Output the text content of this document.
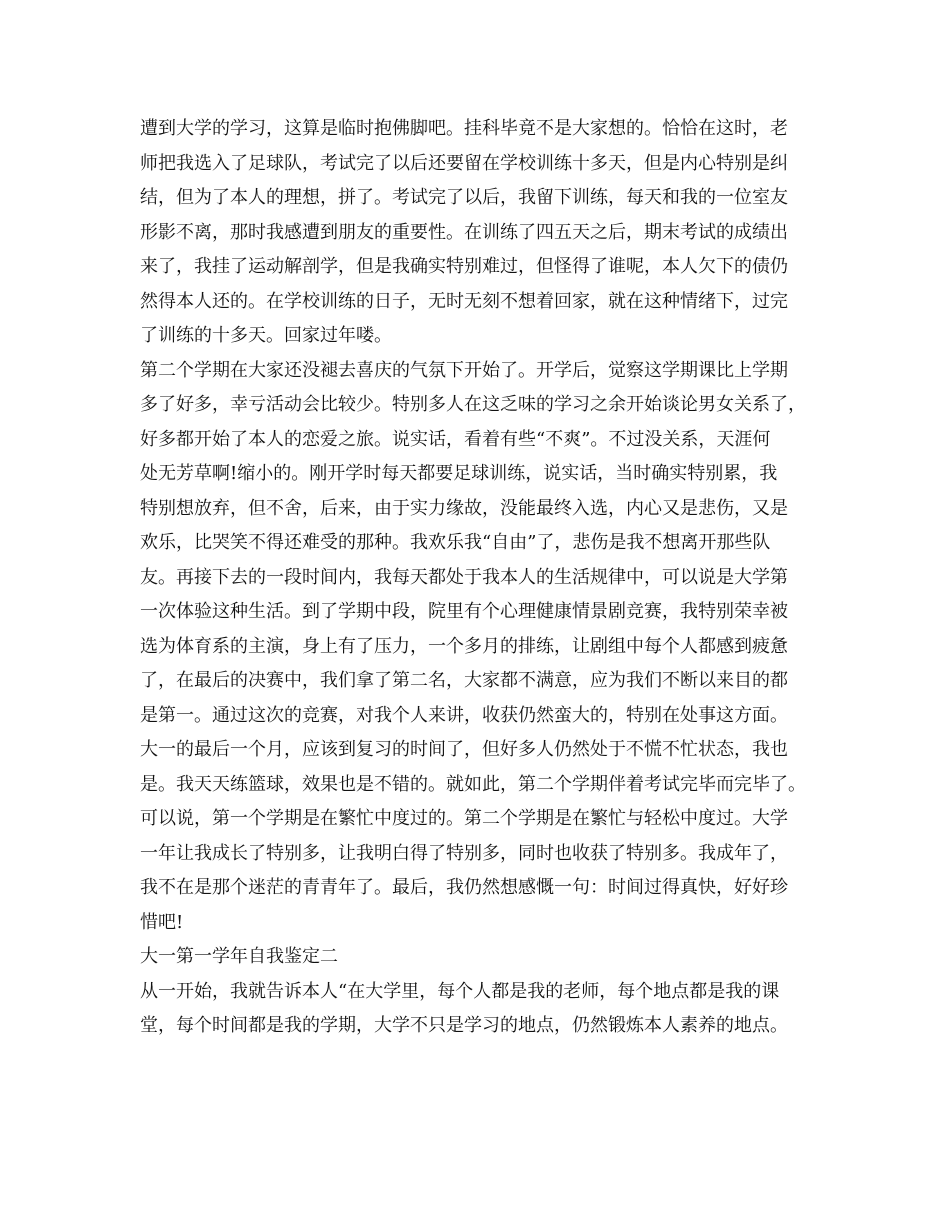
遭到大学的学习，这算是临时抱佛脚吧。挂科毕竟不是大家想的。恰恰在这时，老
师把我选入了足球队，考试完了以后还要留在学校训练十多天，但是内心特别是纠
结，但为了本人的理想，拼了。考试完了以后，我留下训练，每天和我的一位室友
形影不离，那时我感遭到朋友的重要性。在训练了四五天之后，期末考试的成绩出
来了，我挂了运动解剖学，但是我确实特别难过，但怪得了谁呢，本人欠下的债仍
然得本人还的。在学校训练的日子，无时无刻不想着回家，就在这种情绪下，过完
了训练的十多天。回家过年喽。
第二个学期在大家还没褪去喜庆的气氛下开始了。开学后，觉察这学期课比上学期
多了好多，幸亏活动会比较少。特别多人在这乏味的学习之余开始谈论男女关系了，
好多都开始了本人的恋爱之旅。说实话，看着有些“不爽”。不过没关系，天涯何
处无芳草啊!缩小的。刚开学时每天都要足球训练，说实话，当时确实特别累，我
特别想放弃，但不舍，后来，由于实力缘故，没能最终入选，内心又是悲伤，又是
欢乐，比哭笑不得还难受的那种。我欢乐我“自由”了，悲伤是我不想离开那些队
友。再接下去的一段时间内，我每天都处于我本人的生活规律中，可以说是大学第
一次体验这种生活。到了学期中段，院里有个心理健康情景剧竞赛，我特别荣幸被
选为体育系的主演，身上有了压力，一个多月的排练，让剧组中每个人都感到疲惫
了，在最后的决赛中，我们拿了第二名，大家都不满意，应为我们不断以来目的都
是第一。通过这次的竞赛，对我个人来讲，收获仍然蛮大的，特别在处事这方面。
大一的最后一个月，应该到复习的时间了，但好多人仍然处于不慌不忙状态，我也
是。我天天练篮球，效果也是不错的。就如此，第二个学期伴着考试完毕而完毕了。
可以说，第一个学期是在繁忙中度过的。第二个学期是在繁忙与轻松中度过。大学
一年让我成长了特别多，让我明白得了特别多，同时也收获了特别多。我成年了，
我不在是那个迷茫的青青年了。最后，我仍然想感慨一句：时间过得真快，好好珍
惜吧!
大一第一学年自我鉴定二
从一开始，我就告诉本人“在大学里，每个人都是我的老师，每个地点都是我的课
堂，每个时间都是我的学期，大学不只是学习的地点，仍然锻炼本人素养的地点。
